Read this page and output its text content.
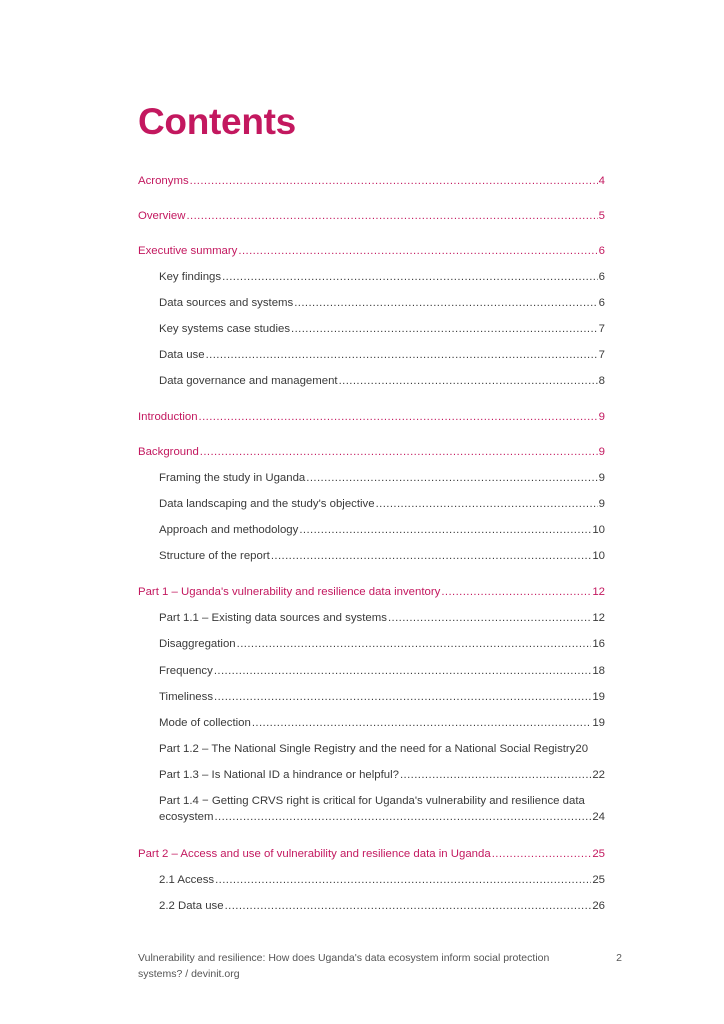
Contents
Acronyms .....	4
Overview .....	5
Executive summary .....	6
Key findings .....	6
Data sources and systems .....	6
Key systems case studies .....	7
Data use .....	7
Data governance and management .....	8
Introduction .....	9
Background .....	9
Framing the study in Uganda .....	9
Data landscaping and the study's objective .....	9
Approach and methodology .....	10
Structure of the report .....	10
Part 1 – Uganda's vulnerability and resilience data inventory .....	12
Part 1.1 – Existing data sources and systems .....	12
Disaggregation .....	16
Frequency .....	18
Timeliness .....	19
Mode of collection .....	19
Part 1.2 – The National Single Registry and the need for a National Social Registry 20
Part 1.3 – Is National ID a hindrance or helpful? .....	22
Part 1.4 − Getting CRVS right is critical for Uganda's vulnerability and resilience data
ecosystem .....	24
Part 2 – Access and use of vulnerability and resilience data in Uganda .....	25
2.1 Access .....	25
2.2 Data use .....	26
Vulnerability and resilience: How does Uganda's data ecosystem inform social protection systems? / devinit.org
2
